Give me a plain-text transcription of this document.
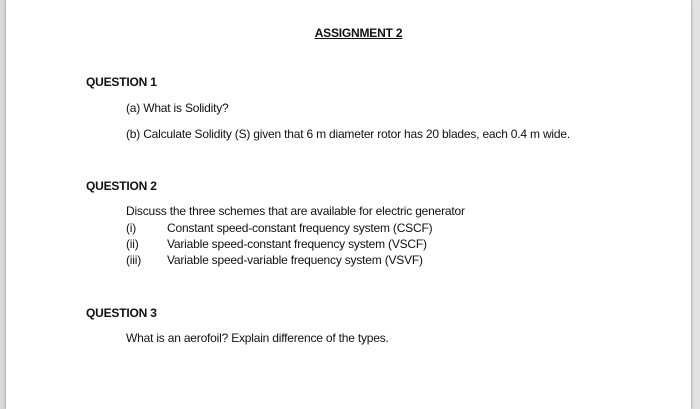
ASSIGNMENT 2
QUESTION 1
(a) What is Solidity?
(b) Calculate Solidity (S) given that 6 m diameter rotor has 20 blades, each 0.4 m wide.
QUESTION 2
Discuss the three schemes that are available for electric generator
(i)	Constant speed-constant frequency system (CSCF)
(ii) Variable speed-constant frequency system (VSCF)
(iii) Variable speed-variable frequency system (VSVF)
QUESTION 3
What is an aerofoil? Explain difference of the types.
